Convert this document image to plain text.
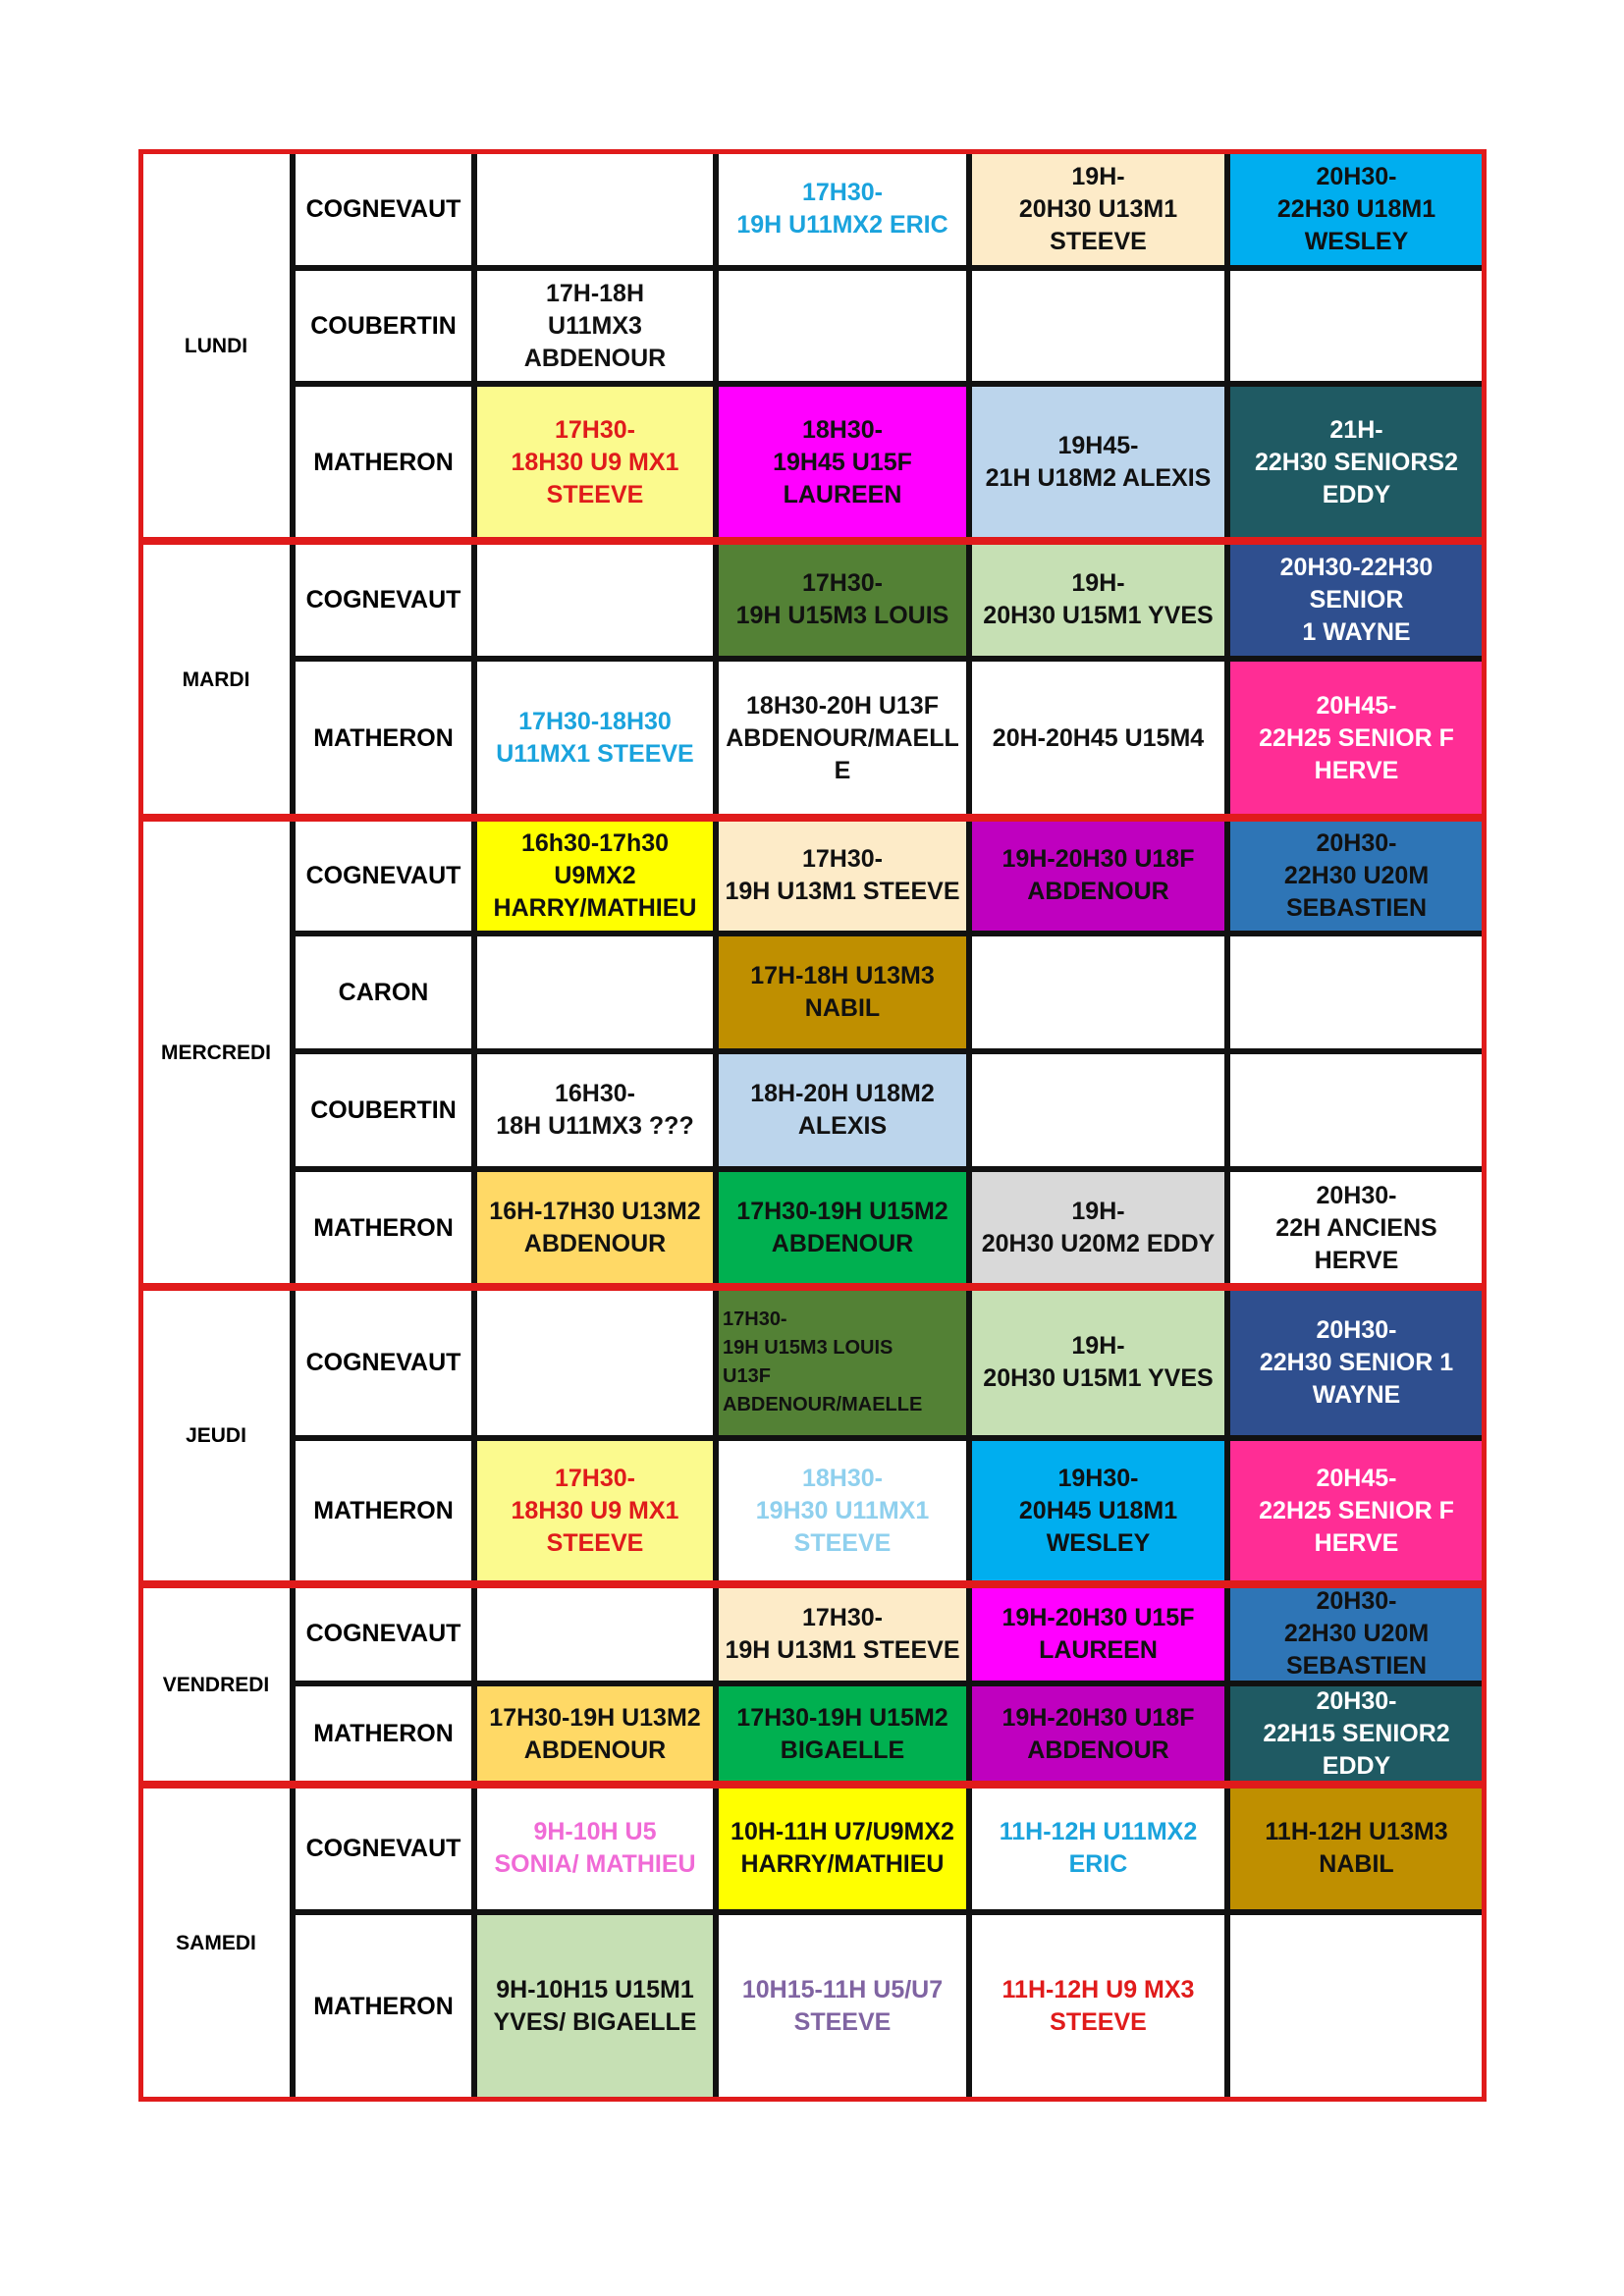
LUNDI
COGNEVAUT
17H30-
19H U11MX2 ERIC
19H-
20H30 U13M1
STEEVE
20H30-
22H30 U18M1
WESLEY
COUBERTIN
17H-18H
U11MX3
ABDENOUR
MATHERON
17H30-
18H30 U9 MX1
STEEVE
18H30-
19H45 U15F
LAUREEN
19H45-
21H U18M2 ALEXIS
21H-
22H30 SENIORS2
EDDY
MARDI
COGNEVAUT
17H30-
19H U15M3 LOUIS
19H-
20H30 U15M1 YVES
20H30-22H30
SENIOR
1 WAYNE
MATHERON
17H30-18H30
U11MX1 STEEVE
18H30-20H U13F
ABDENOUR/MAELL
E
20H-20H45 U15M4
20H45-
22H25 SENIOR F
HERVE
MERCREDI
COGNEVAUT
16h30-17h30
U9MX2
HARRY/MATHIEU
17H30-
19H U13M1 STEEVE
19H-20H30 U18F
ABDENOUR
20H30-
22H30 U20M
SEBASTIEN
CARON
17H-18H U13M3
NABIL
COUBERTIN
16H30-
18H U11MX3 ???
18H-20H U18M2
ALEXIS
MATHERON
16H-17H30 U13M2
ABDENOUR
17H30-19H U15M2
ABDENOUR
19H-
20H30 U20M2 EDDY
20H30-
22H ANCIENS
HERVE
JEUDI
COGNEVAUT
17H30-
19H U15M3 LOUIS
U13F
ABDENOUR/MAELLE
19H-
20H30 U15M1 YVES
20H30-
22H30 SENIOR 1
WAYNE
MATHERON
17H30-
18H30 U9 MX1
STEEVE
18H30-
19H30 U11MX1
STEEVE
19H30-
20H45 U18M1
WESLEY
20H45-
22H25 SENIOR F
HERVE
VENDREDI
COGNEVAUT
17H30-
19H U13M1 STEEVE
19H-20H30 U15F
LAUREEN
20H30-
22H30 U20M
SEBASTIEN
MATHERON
17H30-19H U13M2
ABDENOUR
17H30-19H U15M2
BIGAELLE
19H-20H30 U18F
ABDENOUR
20H30-
22H15 SENIOR2
EDDY
SAMEDI
COGNEVAUT
9H-10H U5
SONIA/ MATHIEU
10H-11H U7/U9MX2
HARRY/MATHIEU
11H-12H U11MX2
ERIC
11H-12H U13M3
NABIL
MATHERON
9H-10H15 U15M1
YVES/ BIGAELLE
10H15-11H U5/U7
STEEVE
11H-12H U9 MX3
STEEVE
